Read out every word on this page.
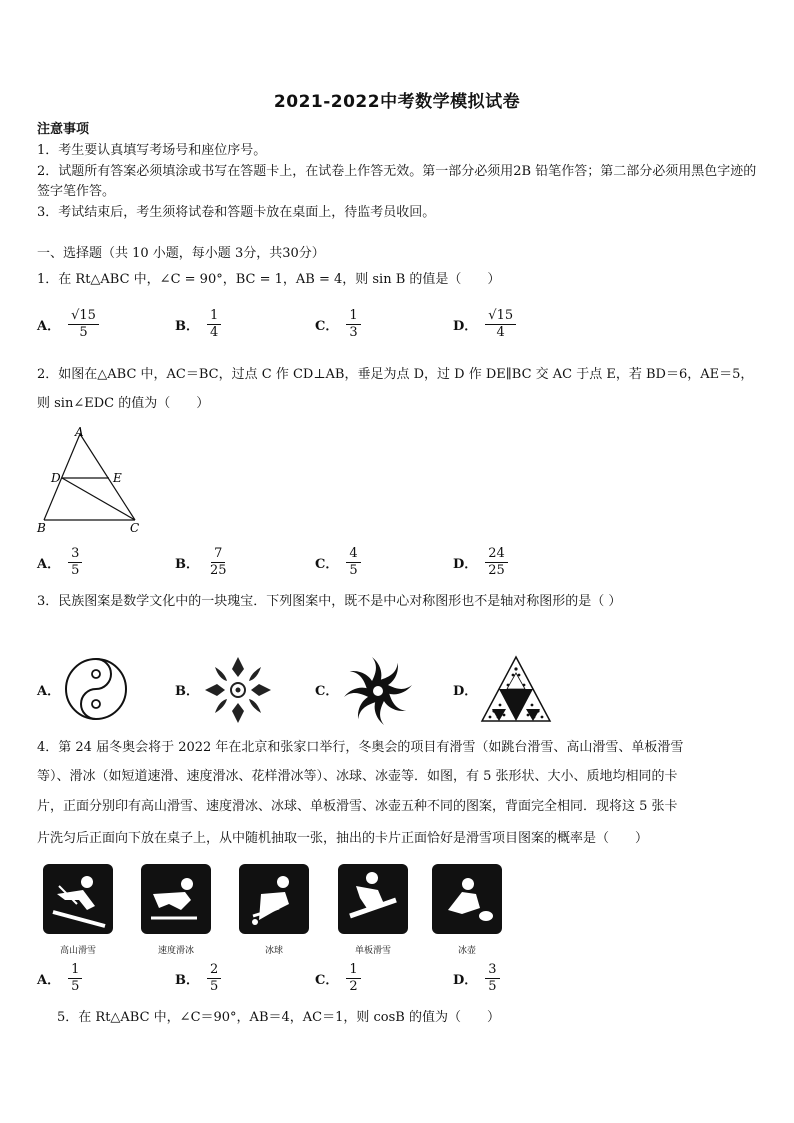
2021-2022中考数学模拟试卷
注意事项
1．考生要认真填写考场号和座位序号。
2．试题所有答案必须填涂或书写在答题卡上，在试卷上作答无效。第一部分必须用2B 铅笔作答；第二部分必须用黑色字迹的签字笔作答。
3．考试结束后，考生须将试卷和答题卡放在桌面上，待监考员收回。
一、选择题（共 10 小题，每小题 3分，共30分）
1．在 Rt△ABC 中，∠C = 90°，BC = 1，AB = 4，则 sin B 的值是（　　）
A． $\frac{√15}{5}$	B． $\frac{1}{4}$	C． $\frac{1}{3}$	D． $\frac{√15}{4}$
2．如图在△ABC 中，AC＝BC，过点 C 作 CD⊥AB，垂足为点 D，过 D 作 DE∥BC 交 AC 于点 E，若 BD＝6，AE＝5，
则 sin∠EDC 的值为（　　）
A
D	E
B	C
A． $\frac{3}{5}$	B． $\frac{7}{25}$	C． $\frac{4}{5}$	D． $\frac{24}{25}$
3．民族图案是数学文化中的一块瑰宝．下列图案中，既不是中心对称图形也不是轴对称图形的是（ ）
A．	B．	C．	D．
4．第 24 届冬奥会将于 2022 年在北京和张家口举行，冬奥会的项目有滑雪（如跳台滑雪、高山滑雪、单板滑雪
等）、滑冰（如短道速滑、速度滑冰、花样滑冰等）、冰球、冰壶等．如图，有 5 张形状、大小、质地均相同的卡
片，正面分别印有高山滑雪、速度滑冰、冰球、单板滑雪、冰壶五种不同的图案，背面完全相同．现将这 5 张卡
片洗匀后正面向下放在桌子上，从中随机抽取一张，抽出的卡片正面恰好是滑雪项目图案的概率是（　　）
高山滑雪	速度滑冰	冰球	单板滑雪	冰壶
A． $\frac{1}{5}$	B． $\frac{2}{5}$	C． $\frac{1}{2}$	D． $\frac{3}{5}$
5．在 Rt△ABC 中，∠C＝90°，AB＝4，AC＝1，则 cosB 的值为（　　）
